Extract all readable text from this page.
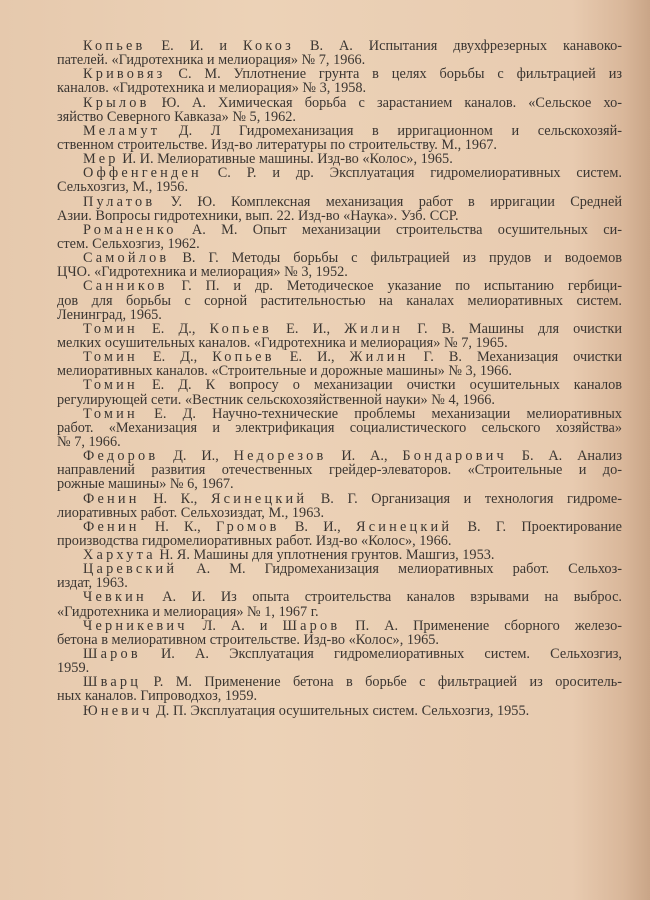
Копьев Е. И. и Кокоз В. А. Испытания двухфрезерных канавоко-
пателей. «Гидротехника и мелиорация» № 7, 1966.
Кривовяз С. М. Уплотнение грунта в целях борьбы с фильтрацией из
каналов. «Гидротехника и мелиорация» № 3, 1958.
Крылов Ю. А. Химическая борьба с зарастанием каналов. «Сельское хо-
зяйство Северного Кавказа» № 5, 1962.
Меламут Д. Л Гидромеханизация в ирригационном и сельскохозяй-
ственном строительстве. Изд-во литературы по строительству. М., 1967.
Мер И. И. Мелиоративные машины. Изд-во «Колос», 1965.
Оффенгенден С. Р. и др. Эксплуатация гидромелиоративных систем.
Сельхозгиз, М., 1956.
Пулатов У. Ю. Комплексная механизация работ в ирригации Средней
Азии. Вопросы гидротехники, вып. 22. Изд-во «Наука». Узб. ССР.
Романенко А. М. Опыт механизации строительства осушительных си-
стем. Сельхозгиз, 1962.
Самойлов В. Г. Методы борьбы с фильтрацией из прудов и водоемов
ЦЧО. «Гидротехника и мелиорация» № 3, 1952.
Санников Г. П. и др. Методическое указание по испытанию гербици-
дов для борьбы с сорной растительностью на каналах мелиоративных систем.
Ленинград, 1965.
Томин Е. Д., Копьев Е. И., Жилин Г. В. Машины для очистки
мелких осушительных каналов. «Гидротехника и мелиорация» № 7, 1965.
Томин Е. Д., Копьев Е. И., Жилин Г. В. Механизация очистки
мелиоративных каналов. «Строительные и дорожные машины» № 3, 1966.
Томин Е. Д. К вопросу о механизации очистки осушительных каналов
регулирующей сети. «Вестник сельскохозяйственной науки» № 4, 1966.
Томин Е. Д. Научно-технические проблемы механизации мелиоративных
работ. «Механизация и электрификация социалистического сельского хозяйства»
№ 7, 1966.
Федоров Д. И., Недорезов И. А., Бондарович Б. А. Анализ
направлений развития отечественных грейдер-элеваторов. «Строительные и до-
рожные машины» № 6, 1967.
Фенин Н. К., Ясинецкий В. Г. Организация и технология гидроме-
лиоративных работ. Сельхозиздат, М., 1963.
Фенин Н. К., Громов В. И., Ясинецкий В. Г. Проектирование
производства гидромелиоративных работ. Изд-во «Колос», 1966.
Хархута Н. Я. Машины для уплотнения грунтов. Машгиз, 1953.
Царевский А. М. Гидромеханизация мелиоративных работ. Сельхоз-
издат, 1963.
Чевкин А. И. Из опыта строительства каналов взрывами на выброс.
«Гидротехника и мелиорация» № 1, 1967 г.
Черникевич Л. А. и Шаров П. А. Применение сборного железо-
бетона в мелиоративном строительстве. Изд-во «Колос», 1965.
Шаров И. А. Эксплуатация гидромелиоративных систем. Сельхозгиз,
1959.
Шварц Р. М. Применение бетона в борьбе с фильтрацией из ороситель-
ных каналов. Гипроводхоз, 1959.
Юневич Д. П. Эксплуатация осушительных систем. Сельхозгиз, 1955.
